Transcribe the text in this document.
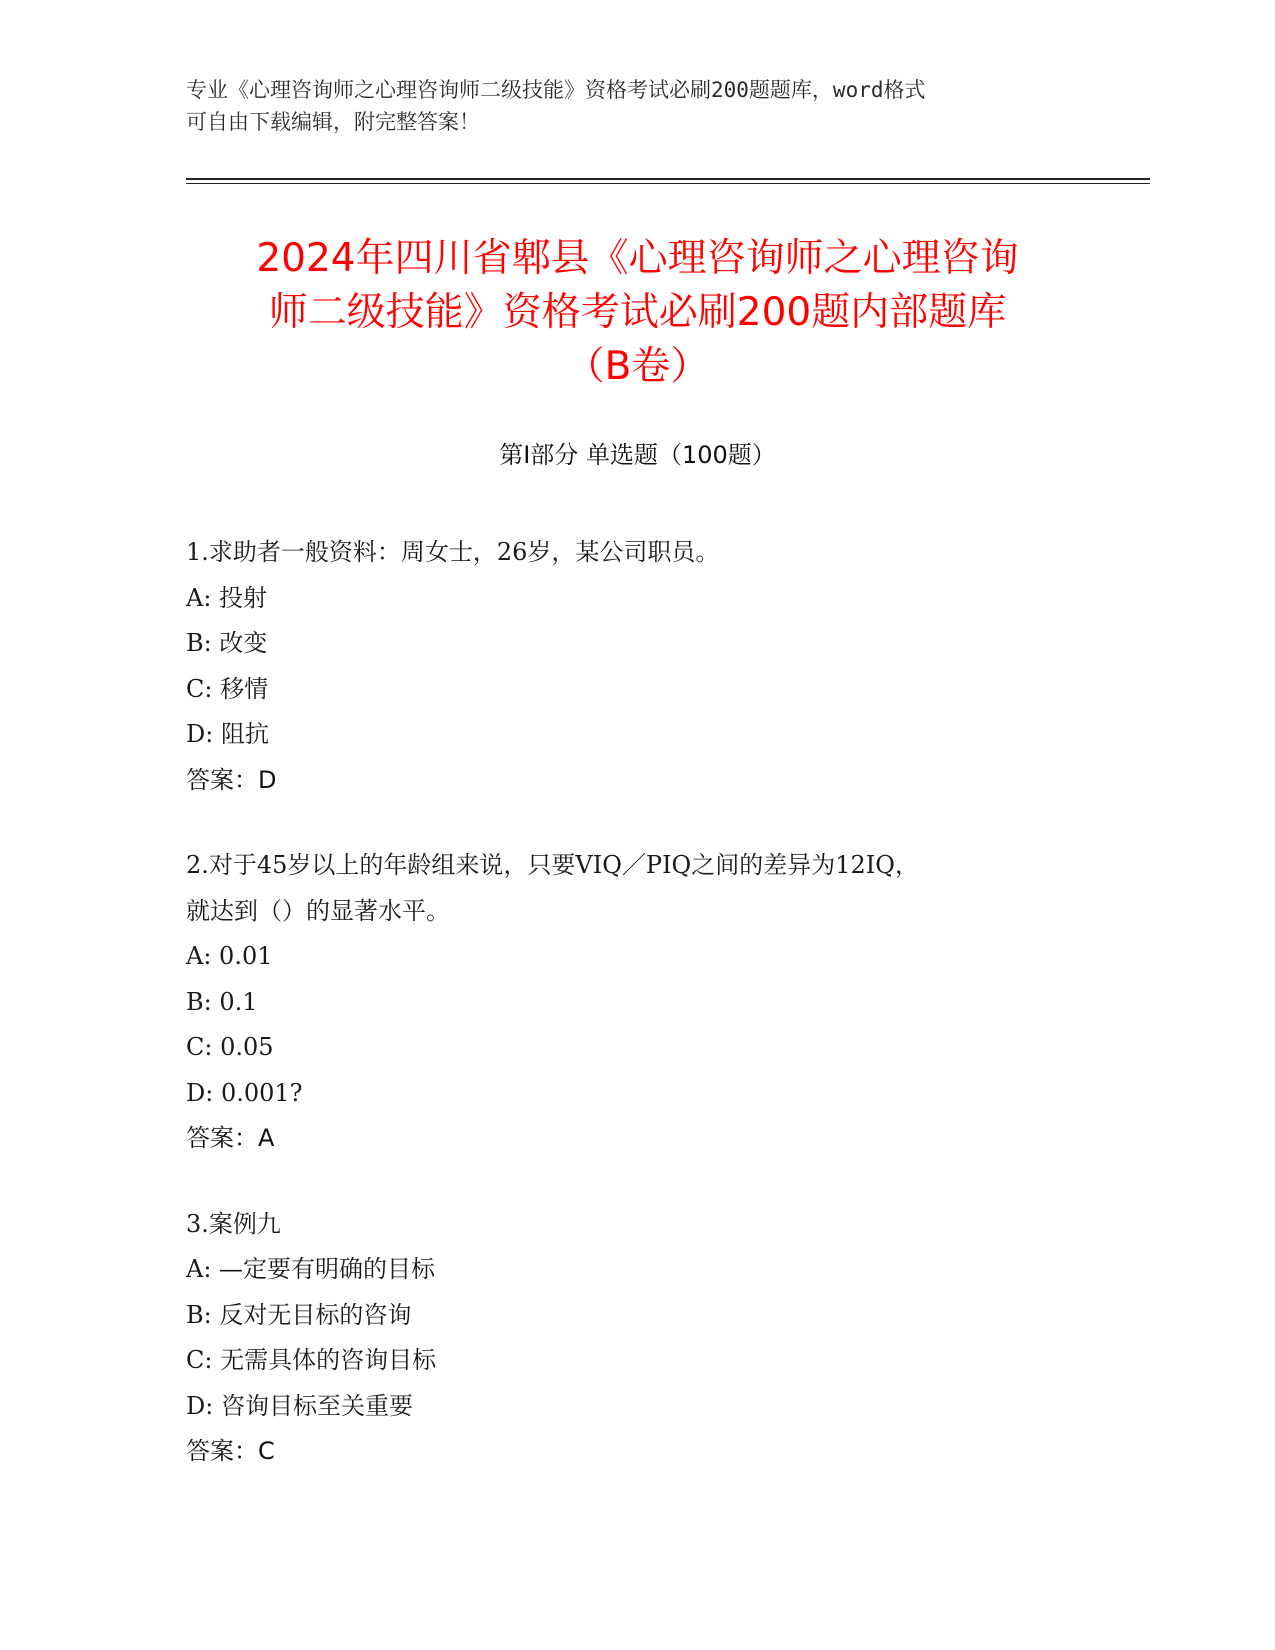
专业《心理咨询师之心理咨询师二级技能》资格考试必刷200题题库，word格式
可自由下载编辑，附完整答案！
2024年四川省郫县《心理咨询师之心理咨询
师二级技能》资格考试必刷200题内部题库
（B卷）
第Ⅰ部分 单选题（100题）
1.求助者一般资料：周女士，26岁，某公司职员。
A: 投射
B: 改变
C: 移情
D: 阻抗
答案：D
2.对于45岁以上的年龄组来说，只要VIQ／PIQ之间的差异为12IQ，
就达到（）的显著水平。
A: 0.01
B: 0.1
C: 0.05
D: 0.001?
答案：A
3.案例九
A: —定要有明确的目标
B: 反对无目标的咨询
C: 无需具体的咨询目标
D: 咨询目标至关重要
答案：C
